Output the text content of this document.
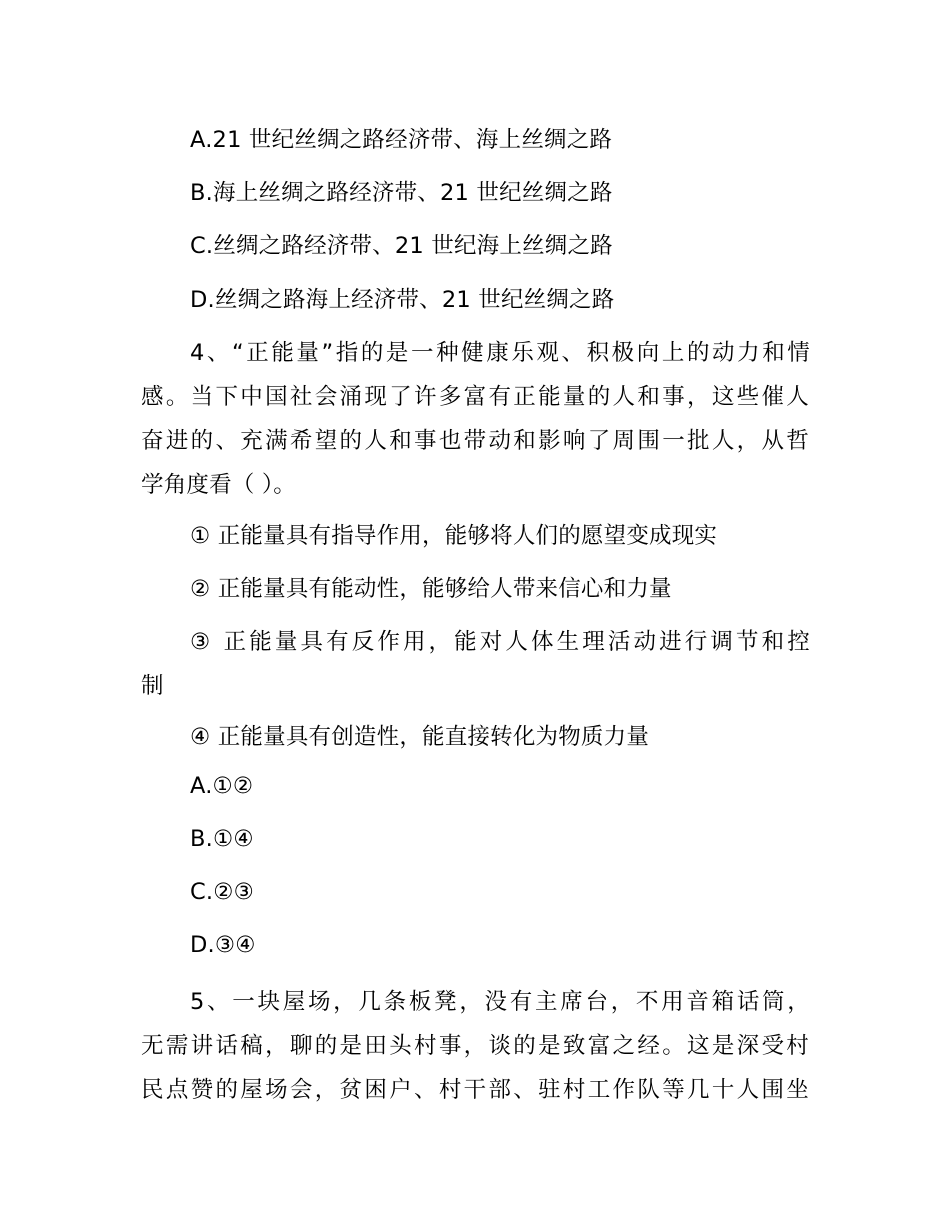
A.21 世纪丝绸之路经济带、海上丝绸之路
B.海上丝绸之路经济带、21 世纪丝绸之路
C.丝绸之路经济带、21 世纪海上丝绸之路
D.丝绸之路海上经济带、21 世纪丝绸之路
4、“正能量”指的是一种健康乐观、积极向上的动力和情
感。当下中国社会涌现了许多富有正能量的人和事，这些催人
奋进的、充满希望的人和事也带动和影响了周围一批人，从哲
学角度看（ ）。
① 正能量具有指导作用，能够将人们的愿望变成现实
② 正能量具有能动性，能够给人带来信心和力量
③ 正能量具有反作用，能对人体生理活动进行调节和控
制
④ 正能量具有创造性，能直接转化为物质力量
A.①②
B.①④
C.②③
D.③④
5、一块屋场，几条板凳，没有主席台，不用音箱话筒，
无需讲话稿，聊的是田头村事，谈的是致富之经。这是深受村
民点赞的屋场会，贫困户、村干部、驻村工作队等几十人围坐
